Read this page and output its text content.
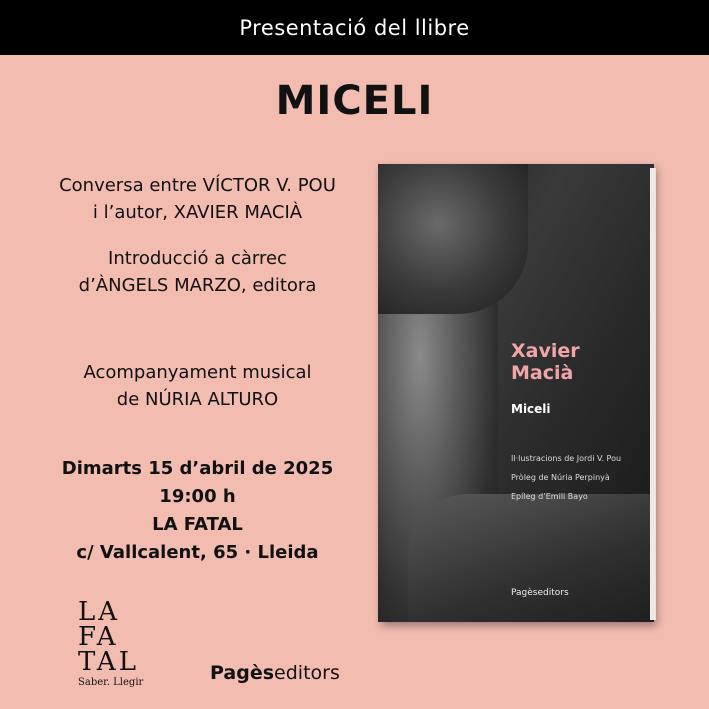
Presentació del llibre
MICELI
Conversa entre VÍCTOR V. POU
i l’autor, XAVIER MACIÀ
Introducció a càrrec
d’ÀNGELS MARZO, editora
Acompanyament musical
de NÚRIA ALTURO
Dimarts 15 d’abril de 2025
19:00 h
LA FATAL
c/ Vallcalent, 65 · Lleida
Xavier
Macià
Miceli
Il·lustracions de Jordi V. Pou
Pròleg de Núria Perpinyà
Epíleg d’Emili Bayo
Pagèseditors
LA
FA
TAL
Saber. Llegir	Pagèseditors
